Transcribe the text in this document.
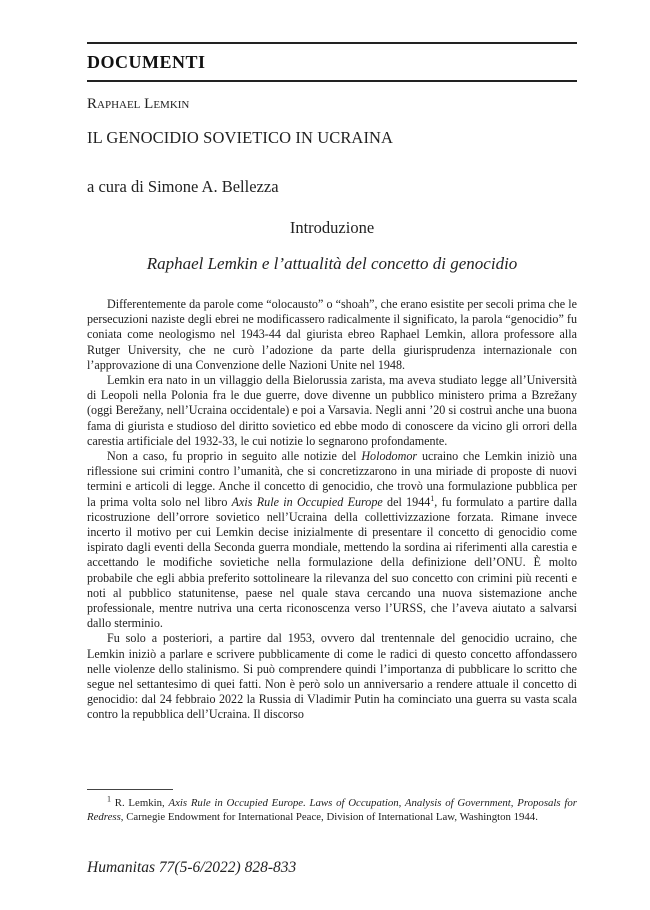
DOCUMENTI
Raphael Lemkin
IL GENOCIDIO SOVIETICO IN UCRAINA
a cura di Simone A. Bellezza
Introduzione
Raphael Lemkin e l’attualità del concetto di genocidio

Differentemente da parole come “olocausto” o “shoah”, che erano esistite per secoli prima che le persecuzioni naziste degli ebrei ne modificassero radicalmente il significato, la parola “genocidio” fu coniata come neologismo nel 1943-44 dal giurista ebreo Raphael Lemkin, allora professore alla Rutger University, che ne curò l’adozione da parte della giurisprudenza internazionale con l’approvazione di una Convenzione delle Nazioni Unite nel 1948.

Lemkin era nato in un villaggio della Bielorussia zarista, ma aveva studiato legge all’Università di Leopoli nella Polonia fra le due guerre, dove divenne un pubblico ministero prima a Bzrežany (oggi Berežany, nell’Ucraina occidentale) e poi a Varsavia. Negli anni ’20 si costruì anche una buona fama di giurista e studioso del diritto sovietico ed ebbe modo di conoscere da vicino gli orrori della carestia artificiale del 1932-33, le cui notizie lo segnarono profondamente.

Non a caso, fu proprio in seguito alle notizie del Holodomor ucraino che Lemkin iniziò una riflessione sui crimini contro l’umanità, che si concretizzarono in una miriade di proposte di nuovi termini e articoli di legge. Anche il concetto di genocidio, che trovò una formulazione pubblica per la prima volta solo nel libro Axis Rule in Occupied Europe del 1944$^1$, fu formulato a partire dalla ricostruzione dell’orrore sovietico nell’Ucraina della collettivizzazione forzata. Rimane invece incerto il motivo per cui Lemkin decise inizialmente di presentare il concetto di genocidio come ispirato dagli eventi della Seconda guerra mondiale, mettendo la sordina ai riferimenti alla carestia e accettando le modifiche sovietiche nella formulazione della definizione dell’ONU. È molto probabile che egli abbia preferito sottolineare la rilevanza del suo concetto con crimini più recenti e noti al pubblico statunitense, paese nel quale stava cercando una nuova sistemazione anche professionale, mentre nutriva una certa riconoscenza verso l’URSS, che l’aveva aiutato a salvarsi dallo sterminio.

Fu solo a posteriori, a partire dal 1953, ovvero dal trentennale del genocidio ucraino, che Lemkin iniziò a parlare e scrivere pubblicamente di come le radici di questo concetto affondassero nelle violenze dello stalinismo. Si può comprendere quindi l’importanza di pubblicare lo scritto che segue nel settantesimo di quei fatti. Non è però solo un anniversario a rendere attuale il concetto di genocidio: dal 24 febbraio 2022 la Russia di Vladimir Putin ha cominciato una guerra su vasta scala contro la repubblica dell’Ucraina. Il discorso

$^1$ R. Lemkin, Axis Rule in Occupied Europe. Laws of Occupation, Analysis of Government, Proposals for Redress, Carnegie Endowment for International Peace, Division of International Law, Washington 1944.

Humanitas 77(5-6/2022) 828-833
